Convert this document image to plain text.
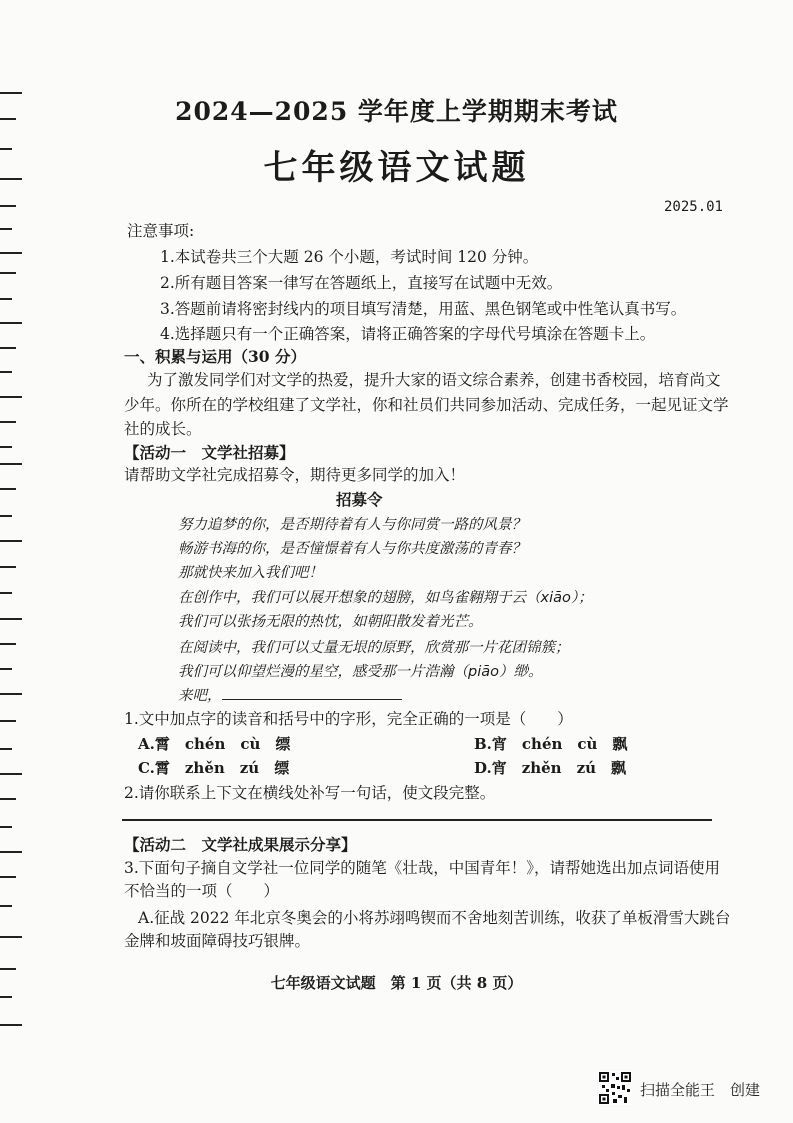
2024—2025 学年度上学期期末考试
七年级语文试题
2025.01
注意事项:
1.本试卷共三个大题 26 个小题，考试时间 120 分钟。
2.所有题目答案一律写在答题纸上，直接写在试题中无效。
3.答题前请将密封线内的项目填写清楚，用蓝、黑色钢笔或中性笔认真书写。
4.选择题只有一个正确答案，请将正确答案的字母代号填涂在答题卡上。
一、积累与运用（30 分）
为了激发同学们对文学的热爱，提升大家的语文综合素养，创建书香校园，培育尚文
少年。你所在的学校组建了文学社，你和社员们共同参加活动、完成任务，一起见证文学
社的成长。
【活动一　文学社招募】
请帮助文学社完成招募令，期待更多同学的加入！
招募令
努力追梦的你，是否期待着有人与你同赏一路的风景？
畅游书海的你，是否憧憬着有人与你共度激荡的青春？
那就快来加入我们吧！
在创作中，我们可以展开想象的翅膀，如鸟雀翱翔于云（xiāo）；
我们可以张扬无限的热忱，如朝阳散发着光芒。
在阅读中，我们可以丈量无垠的原野，欣赏那一片花团锦簇；
我们可以仰望烂漫的星空，感受那一片浩瀚（piāo）缈。
来吧，
1.文中加点字的读音和括号中的字形，完全正确的一项是（　　）
A.霄　chén　cù　缥	B.宵　chén　cù　飘
C.霄　zhěn　zú　缥	D.宵　zhěn　zú　飘
2.请你联系上下文在横线处补写一句话，使文段完整。
【活动二　文学社成果展示分享】
3.下面句子摘自文学社一位同学的随笔《壮哉，中国青年！》，请帮她选出加点词语使用
不恰当的一项（　　）
A.征战 2022 年北京冬奥会的小将苏翊鸣锲而不舍地刻苦训练，收获了单板滑雪大跳台
金牌和坡面障碍技巧银牌。
七年级语文试题　第 1 页（共 8 页）
扫描全能王　创建
